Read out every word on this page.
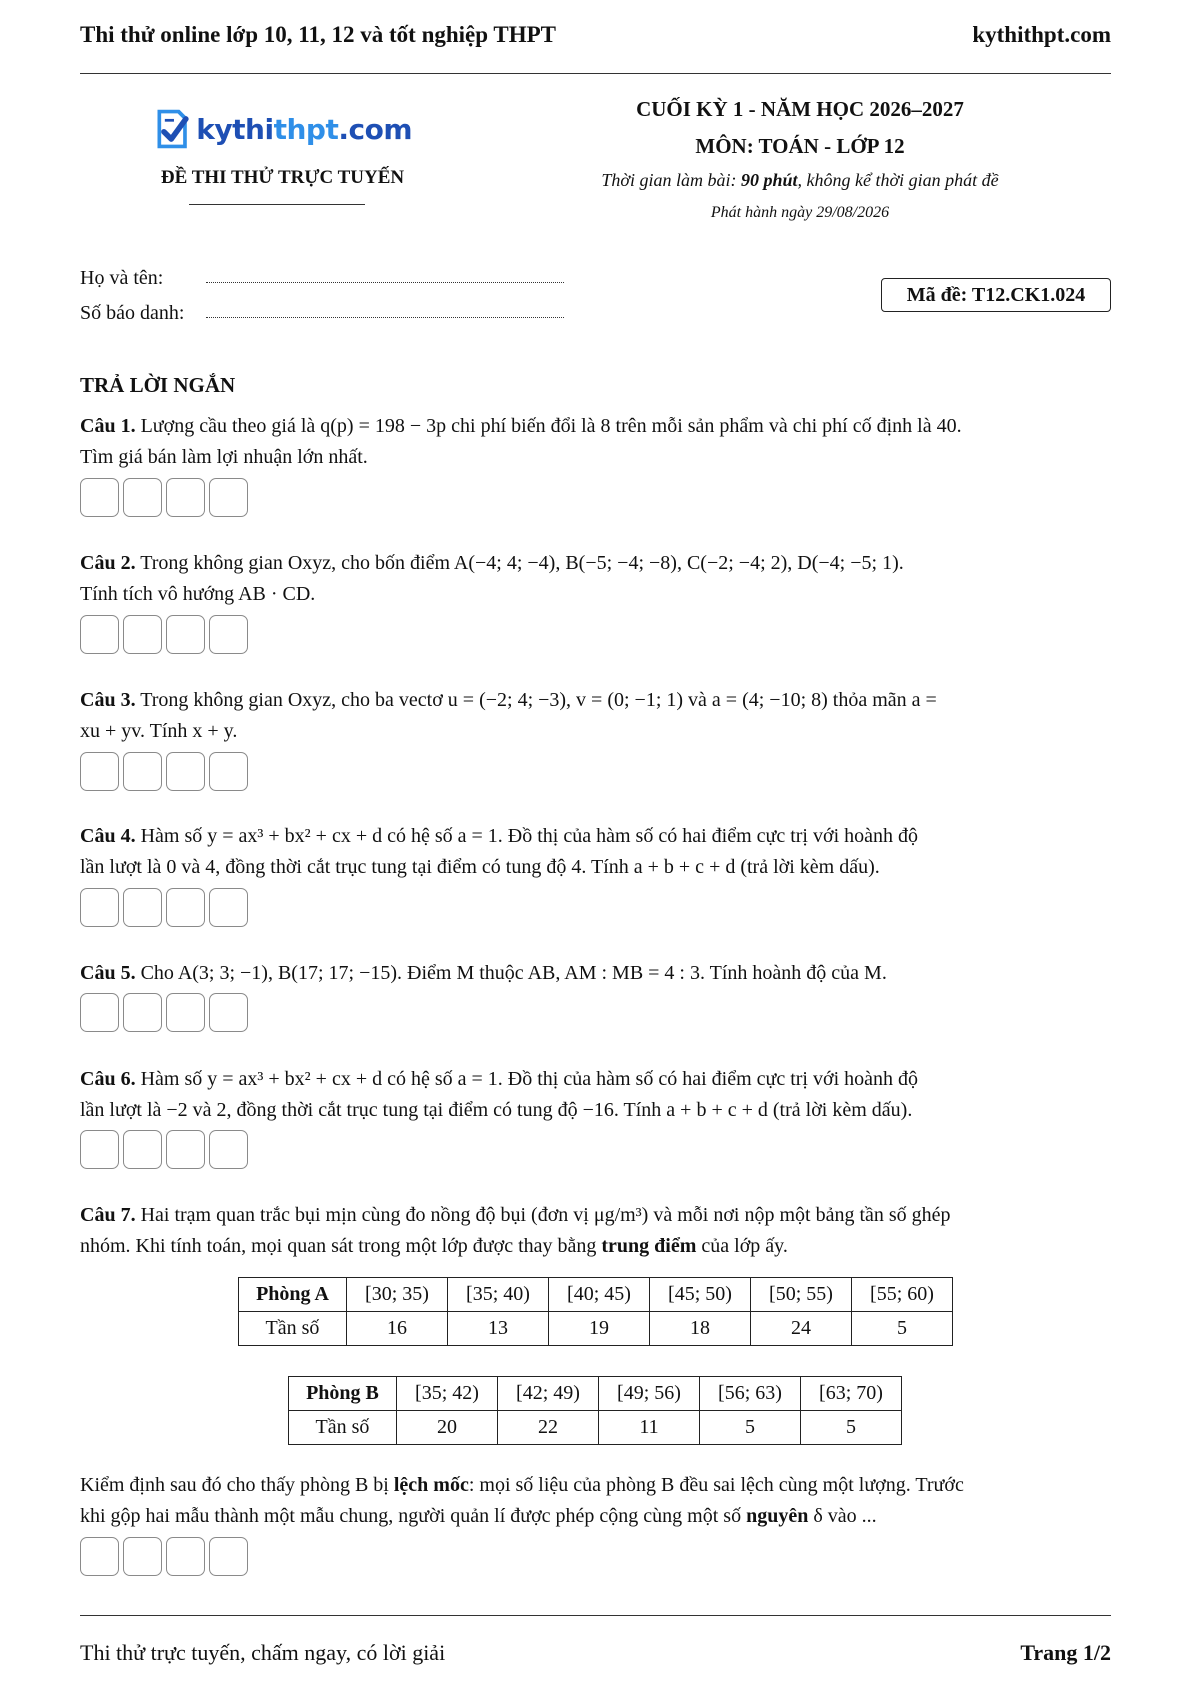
Thi thử online lớp 10, 11, 12 và tốt nghiệp THPT	kythithpt.com
kythithpt.com
ĐỀ THI THỬ TRỰC TUYẾN
CUỐI KỲ 1 - NĂM HỌC 2026–2027
MÔN: TOÁN - LỚP 12
Thời gian làm bài: 90 phút, không kể thời gian phát đề
Phát hành ngày 29/08/2026
Họ và tên:
Số báo danh:
Mã đề: T12.CK1.024
TRẢ LỜI NGẮN
Câu 1. Lượng cầu theo giá là q(p) = 198 − 3p chi phí biến đổi là 8 trên mỗi sản phẩm và chi phí cố định là 40.
Tìm giá bán làm lợi nhuận lớn nhất.
Câu 2. Trong không gian Oxyz, cho bốn điểm A(−4; 4; −4), B(−5; −4; −8), C(−2; −4; 2), D(−4; −5; 1).
Tính tích vô hướng AB · CD.
Câu 3. Trong không gian Oxyz, cho ba vectơ u = (−2; 4; −3), v = (0; −1; 1) và a = (4; −10; 8) thỏa mãn a =
xu + yv. Tính x + y.
Câu 4. Hàm số y = ax³ + bx² + cx + d có hệ số a = 1. Đồ thị của hàm số có hai điểm cực trị với hoành độ
lần lượt là 0 và 4, đồng thời cắt trục tung tại điểm có tung độ 4. Tính a + b + c + d (trả lời kèm dấu).
Câu 5. Cho A(3; 3; −1), B(17; 17; −15). Điểm M thuộc AB, AM : MB = 4 : 3. Tính hoành độ của M.
Câu 6. Hàm số y = ax³ + bx² + cx + d có hệ số a = 1. Đồ thị của hàm số có hai điểm cực trị với hoành độ
lần lượt là −2 và 2, đồng thời cắt trục tung tại điểm có tung độ −16. Tính a + b + c + d (trả lời kèm dấu).
Câu 7. Hai trạm quan trắc bụi mịn cùng đo nồng độ bụi (đơn vị μg/m³) và mỗi nơi nộp một bảng tần số ghép
nhóm. Khi tính toán, mọi quan sát trong một lớp được thay bằng trung điểm của lớp ấy.
Phòng A	[30; 35)	[35; 40)	[40; 45)	[45; 50)	[50; 55)	[55; 60)
Tần số	16	13	19	18	24	5
Phòng B	[35; 42)	[42; 49)	[49; 56)	[56; 63)	[63; 70)
Tần số	20	22	11	5	5
Kiểm định sau đó cho thấy phòng B bị lệch mốc: mọi số liệu của phòng B đều sai lệch cùng một lượng. Trước
khi gộp hai mẫu thành một mẫu chung, người quản lí được phép cộng cùng một số nguyên δ vào ...
Thi thử trực tuyến, chấm ngay, có lời giải	Trang 1/2
